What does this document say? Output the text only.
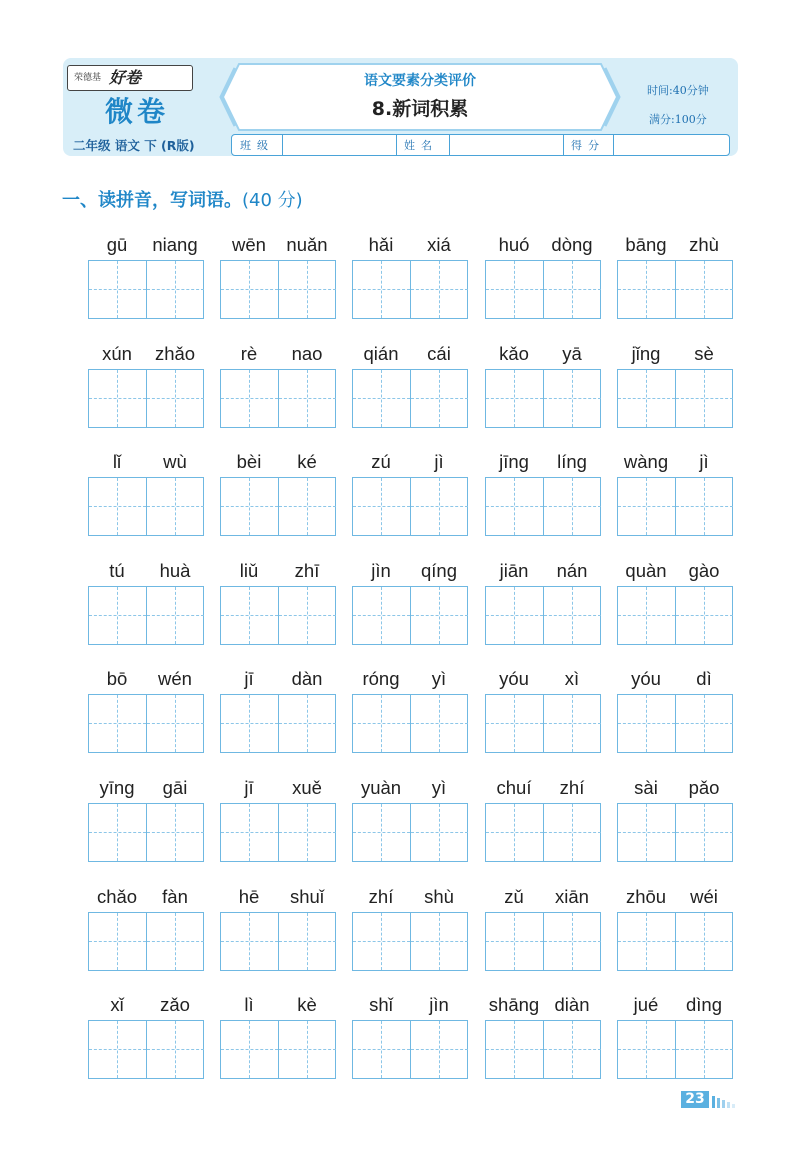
荣德基 好卷
微卷
二年级 语文 下 (R版)
语文要素分类评价
8.新词积累
时间:40分钟
满分:100分
班级	姓名	得分
一、读拼音，写词语。(40 分)
gū	niang	wēn	nuǎn	hǎi	xiá	huó	dòng	bāng	zhù
xún	zhǎo	rè	nao	qián	cái	kǎo	yā	jǐng	sè
lǐ	wù	bèi	ké	zú	jì	jīng	líng	wàng	jì
tú	huà	liǔ	zhī	jìn	qíng	jiān	nán	quàn	gào
bō	wén	jī	dàn	róng	yì	yóu	xì	yóu	dì
yīng	gāi	jī	xuě	yuàn	yì	chuí	zhí	sài	pǎo
chǎo	fàn	hē	shuǐ	zhí	shù	zǔ	xiān	zhōu	wéi
xǐ	zǎo	lì	kè	shǐ	jìn	shāng diàn	jué	dìng
23
